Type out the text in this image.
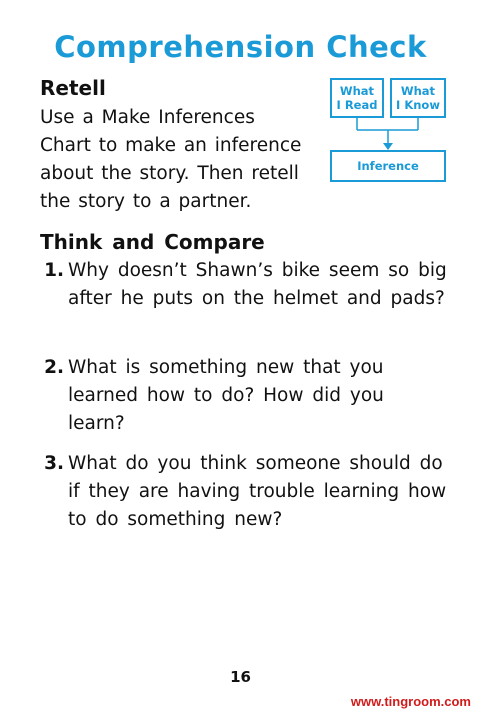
Comprehension Check
Retell
Use a Make Inferences Chart to make an inference about the story. Then retell the story to a partner.
What
I Read
What
I Know
Inference
Think and Compare
1. Why doesn’t Shawn’s bike seem so big after he puts on the helmet and pads?
2. What is something new that you learned how to do? How did you learn?
3. What do you think someone should do if they are having trouble learning how to do something new?
16
www.tingroom.com
